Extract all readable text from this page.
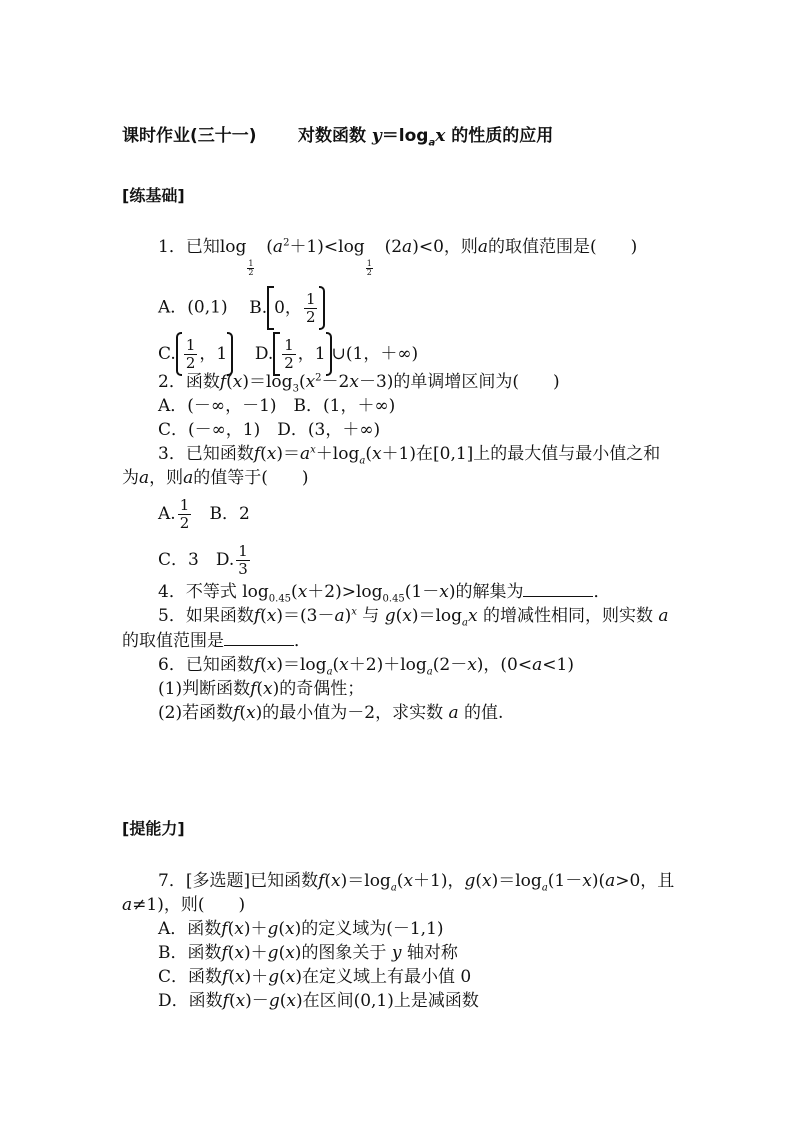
课时作业(三十一) 对数函数 $y=\log_ax$ 的性质的应用
[练基础]
1．已知log
$\frac{1}{2}$
$(a^2+1)<\log$
$\frac{1}{2}$
(2a)<0，则a的取值范围是(　　)
A．(0,1) B. 0， $\frac{1}{2}$
C. $\frac{1}{2}$ ，1 D. $\frac{1}{2}$ ，1 ∪(1，＋∞)
2．函数$f(x)=\log_3(x^2-2x-3)$的单调增区间为(　　)
A．(－∞，－1)　B．(1，＋∞)
C．(－∞，1)　D．(3，＋∞)
3．已知函数$f(x)=a^x+\log_a(x+1)$在[0,1]上的最大值与最小值之和
为a，则a的值等于(　　)
A. $\frac{1}{2}$ B．2
C．3　D. $\frac{1}{3}$
4．不等式 $\log_{0.45}(x+2)>\log_{0.45}(1-x)$的解集为	．
5．如果函数$f(x)=(3-a)^x$ 与 $g(x)=\log_ax$ 的增减性相同，则实数 a
的取值范围是	．
6．已知函数$f(x)=\log_a(x+2)+\log_a(2-x)$，(0<a<1)
(1)判断函数f(x)的奇偶性；
(2)若函数f(x)的最小值为－2，求实数 a 的值.
[提能力]
7．[多选题]已知函数$f(x)=\log_a(x+1)$，$g(x)=\log_a(1-x)(a>0$，且
a≠1)，则(　　)
A．函数f(x)＋g(x)的定义域为(－1,1)
B．函数f(x)＋g(x)的图象关于 y 轴对称
C．函数f(x)＋g(x)在定义域上有最小值 0
D．函数f(x)－g(x)在区间(0,1)上是减函数
